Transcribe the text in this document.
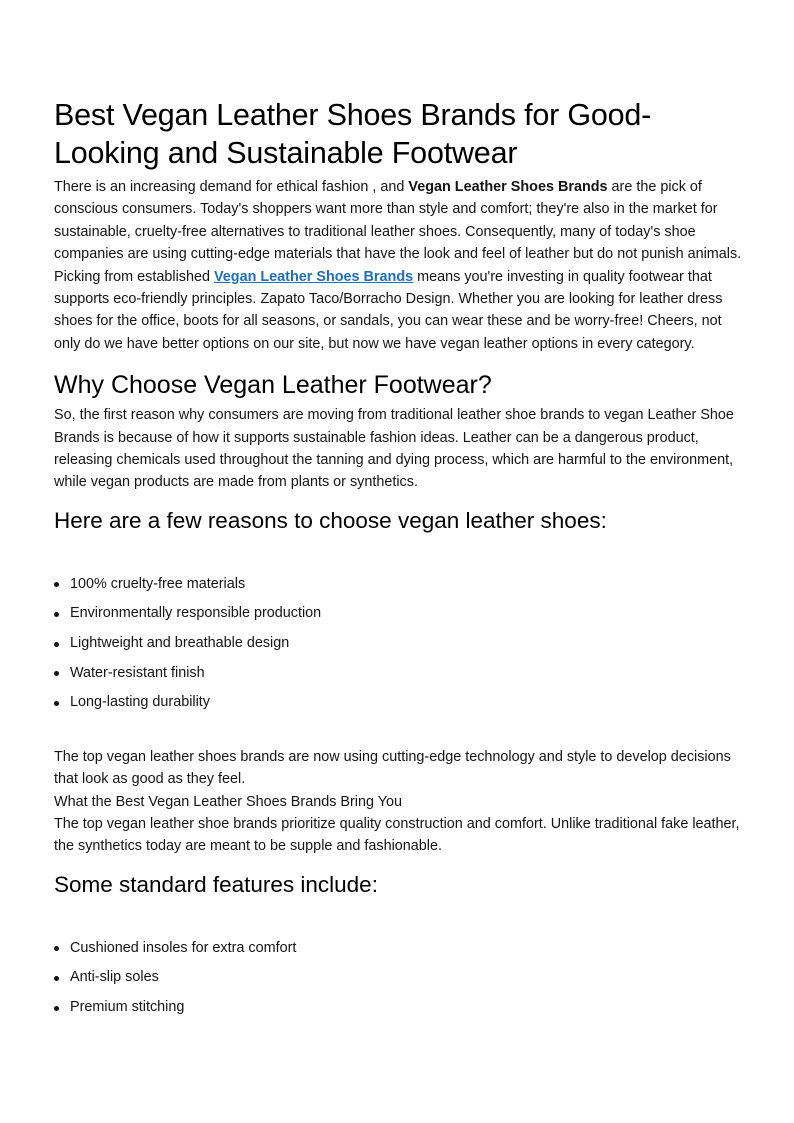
Best Vegan Leather Shoes Brands for Good-Looking and Sustainable Footwear

There is an increasing demand for ethical fashion , and Vegan Leather Shoes Brands are the pick of conscious consumers. Today's shoppers want more than style and comfort; they're also in the market for sustainable, cruelty-free alternatives to traditional leather shoes. Consequently, many of today's shoe companies are using cutting-edge materials that have the look and feel of leather but do not punish animals.

Picking from established Vegan Leather Shoes Brands means you're investing in quality footwear that supports eco-friendly principles. Zapato Taco/Borracho Design. Whether you are looking for leather dress shoes for the office, boots for all seasons, or sandals, you can wear these and be worry-free! Cheers, not only do we have better options on our site, but now we have vegan leather options in every category.

Why Choose Vegan Leather Footwear?

So, the first reason why consumers are moving from traditional leather shoe brands to vegan Leather Shoe Brands is because of how it supports sustainable fashion ideas. Leather can be a dangerous product, releasing chemicals used throughout the tanning and dying process, which are harmful to the environment, while vegan products are made from plants or synthetics.

Here are a few reasons to choose vegan leather shoes:
100% cruelty-free materials
Environmentally responsible production
Lightweight and breathable design
Water-resistant finish
Long-lasting durability

The top vegan leather shoes brands are now using cutting-edge technology and style to develop decisions that look as good as they feel.

What the Best Vegan Leather Shoes Brands Bring You

The top vegan leather shoe brands prioritize quality construction and comfort. Unlike traditional fake leather, the synthetics today are meant to be supple and fashionable.

Some standard features include:
Cushioned insoles for extra comfort
Anti-slip soles
Premium stitching
